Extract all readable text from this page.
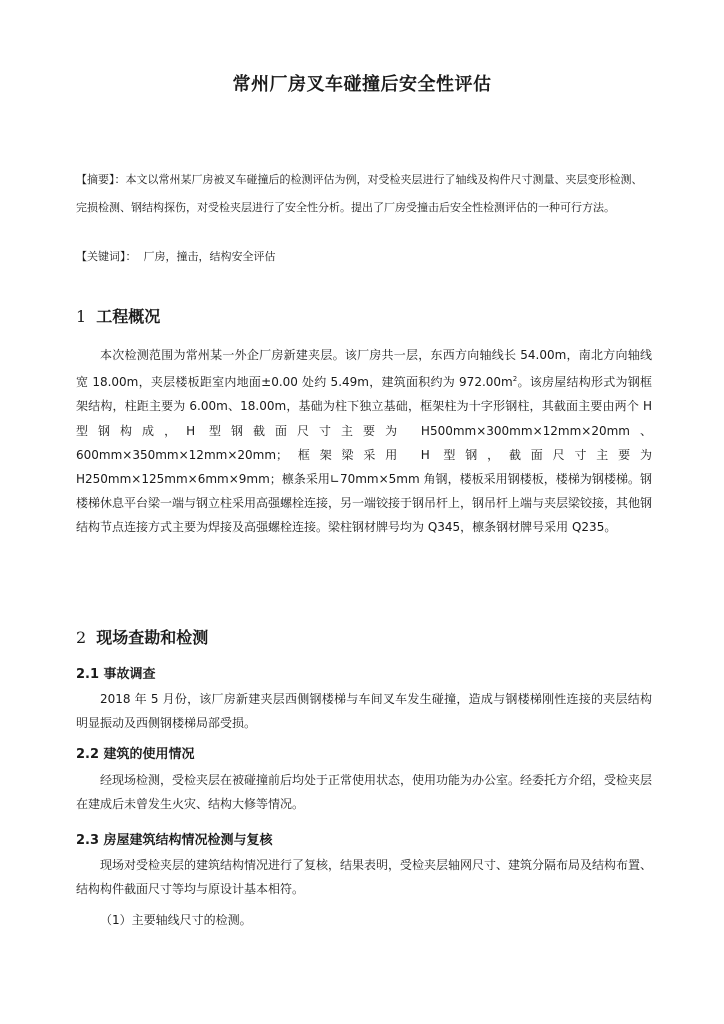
常州厂房叉车碰撞后安全性评估
【摘要】：本文以常州某厂房被叉车碰撞后的检测评估为例，对受检夹层进行了轴线及构件尺寸测量、夹层变形检测、完损检测、钢结构探伤，对受检夹层进行了安全性分析。提出了厂房受撞击后安全性检测评估的一种可行方法。
【关键词】： 厂房，撞击，结构安全评估
1 工程概况
本次检测范围为常州某一外企厂房新建夹层。该厂房共一层，东西方向轴线长 54.00m，南北方向轴线宽 18.00m，夹层楼板距室内地面±0.00 处约 5.49m，建筑面积约为 $972.00m^2$。该房屋结构形式为钢框架结构，柱距主要为 6.00m、18.00m，基础为柱下独立基础，框架柱为十字形钢柱，其截面主要由两个 H 型钢构成，H 型钢截面尺寸主要为 H500mm×300mm×12mm×20mm、600mm×350mm×12mm×20mm；框架梁采用 H 型钢，截面尺寸主要为 H250mm×125mm×6mm×9mm；檩条采用∟70mm×5mm 角钢，楼板采用钢楼板，楼梯为钢楼梯。钢楼梯休息平台梁一端与钢立柱采用高强螺栓连接，另一端铰接于钢吊杆上，钢吊杆上端与夹层梁铰接，其他钢结构节点连接方式主要为焊接及高强螺栓连接。梁柱钢材牌号均为 Q345，檩条钢材牌号采用 Q235。
2 现场查勘和检测
2.1 事故调查
2018 年 5 月份，该厂房新建夹层西侧钢楼梯与车间叉车发生碰撞，造成与钢楼梯刚性连接的夹层结构明显振动及西侧钢楼梯局部受损。
2.2 建筑的使用情况
经现场检测，受检夹层在被碰撞前后均处于正常使用状态，使用功能为办公室。经委托方介绍，受检夹层在建成后未曾发生火灾、结构大修等情况。
2.3 房屋建筑结构情况检测与复核
现场对受检夹层的建筑结构情况进行了复核，结果表明，受检夹层轴网尺寸、建筑分隔布局及结构布置、结构构件截面尺寸等均与原设计基本相符。
（1）主要轴线尺寸的检测。
